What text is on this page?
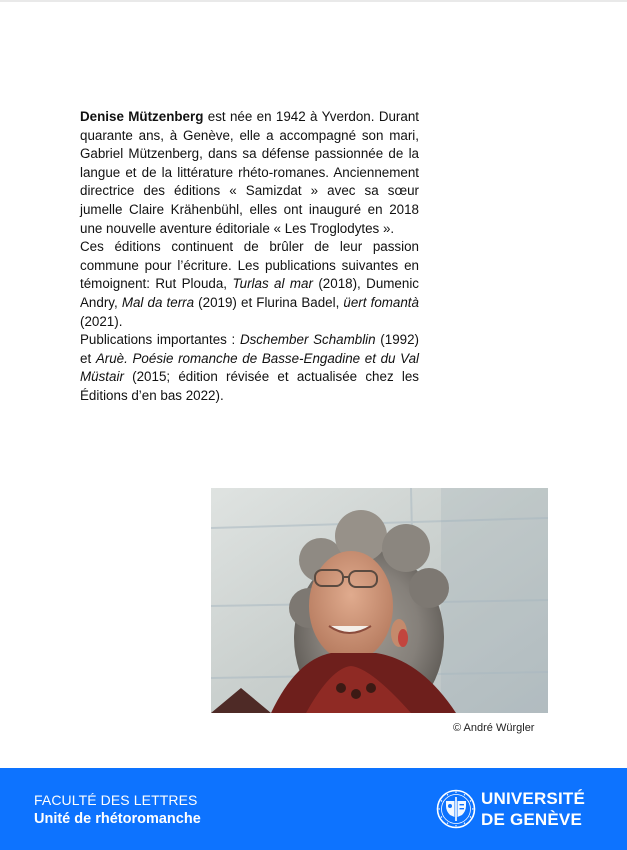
Denise Mützenberg est née en 1942 à Yverdon. Durant quarante ans, à Genève, elle a accompagné son mari, Gabriel Mützenberg, dans sa défense passionnée de la langue et de la littérature rhéto-romanes. Anciennement directrice des éditions « Samizdat » avec sa sœur jumelle Claire Krähenbühl, elles ont inauguré en 2018 une nouvelle aventure éditoriale « Les Troglodytes ».

Ces éditions continuent de brûler de leur passion commune pour l’écriture. Les publications suivantes en témoignent: Rut Plouda, Turlas al mar (2018), Dumenic Andry, Mal da terra (2019) et Flurina Badel, üert fomantà (2021).

Publications importantes : Dschember Schamblin (1992) et Aruè. Poésie romanche de Basse-Engadine et du Val Müstair (2015; édition révisée et actualisée chez les Éditions d’en bas 2022).

© André Würgler
FACULTÉ DES LETTRES
Unité de rhétoromanche
UNIVERSITÉ
DE GENÈVE
